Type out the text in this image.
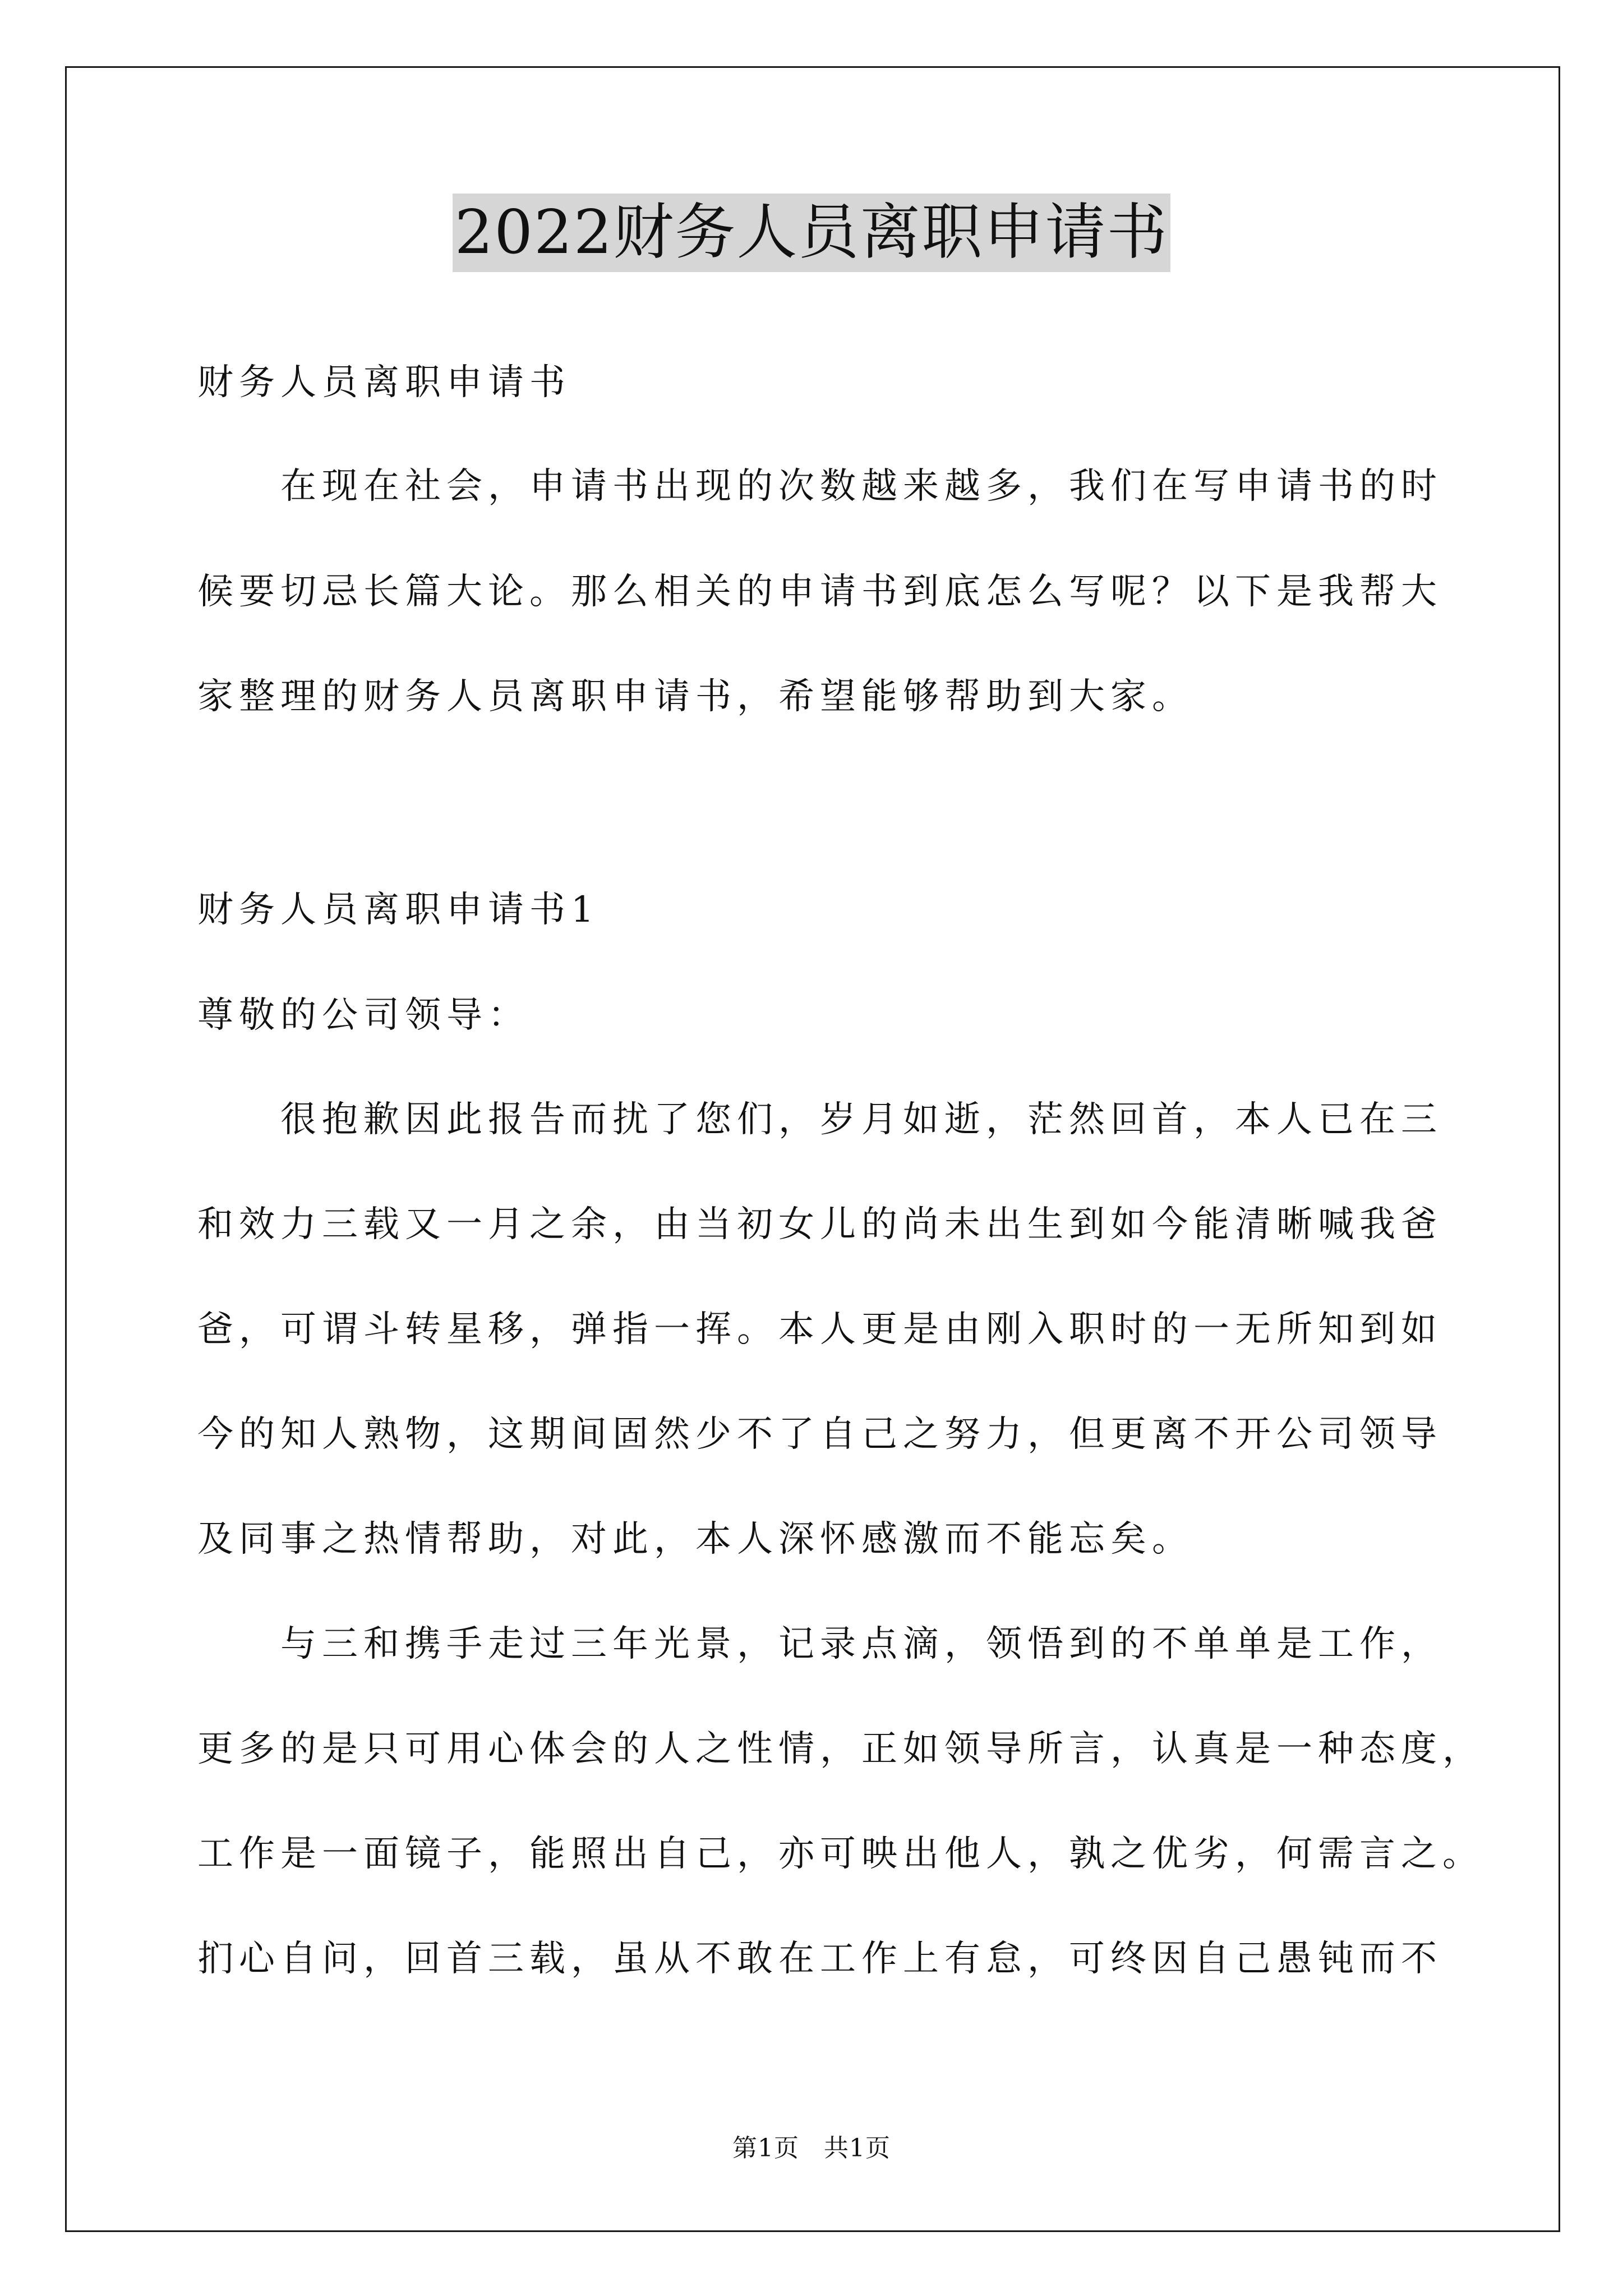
2022财务人员离职申请书

财务人员离职申请书

在现在社会，申请书出现的次数越来越多，我们在写申请书的时

候要切忌长篇大论。那么相关的申请书到底怎么写呢？以下是我帮大

家整理的财务人员离职申请书，希望能够帮助到大家。

财务人员离职申请书1

尊敬的公司领导：

很抱歉因此报告而扰了您们，岁月如逝，茫然回首，本人已在三

和效力三载又一月之余，由当初女儿的尚未出生到如今能清晰喊我爸

爸，可谓斗转星移，弹指一挥。本人更是由刚入职时的一无所知到如

今的知人熟物，这期间固然少不了自己之努力，但更离不开公司领导

及同事之热情帮助，对此，本人深怀感激而不能忘矣。

与三和携手走过三年光景，记录点滴，领悟到的不单单是工作，

更多的是只可用心体会的人之性情，正如领导所言，认真是一种态度，

工作是一面镜子，能照出自己，亦可映出他人，孰之优劣，何需言之。

扪心自问，回首三载，虽从不敢在工作上有怠，可终因自己愚钝而不

第1页 共1页
